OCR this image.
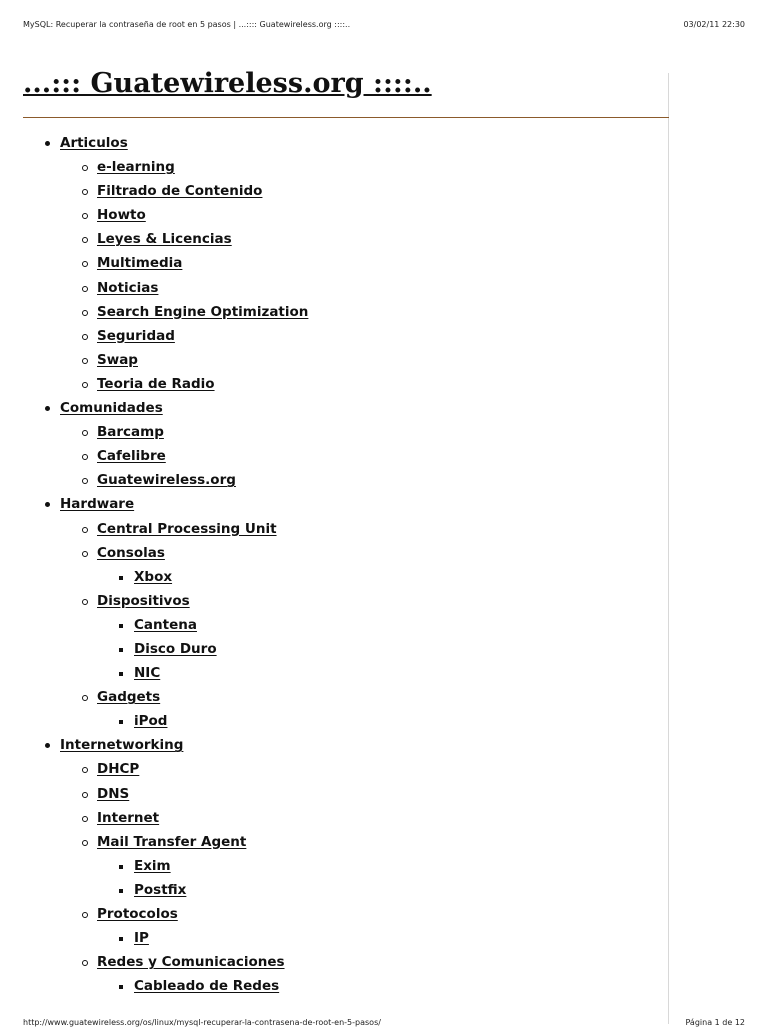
MySQL: Recuperar la contraseña de root en 5 pasos | ...:::: Guatewireless.org ::::..	03/02/11 22:30
...::: Guatewireless.org ::::..
Articulos
e-learning
Filtrado de Contenido
Howto
Leyes & Licencias
Multimedia
Noticias
Search Engine Optimization
Seguridad
Swap
Teoria de Radio
Comunidades
Barcamp
Cafelibre
Guatewireless.org
Hardware
Central Processing Unit
Consolas
Xbox
Dispositivos
Cantena
Disco Duro
NIC
Gadgets
iPod
Internetworking
DHCP
DNS
Internet
Mail Transfer Agent
Exim
Postfix
Protocolos
IP
Redes y Comunicaciones
Cableado de Redes
http://www.guatewireless.org/os/linux/mysql-recuperar-la-contrasena-de-root-en-5-pasos/	Página 1 de 12
